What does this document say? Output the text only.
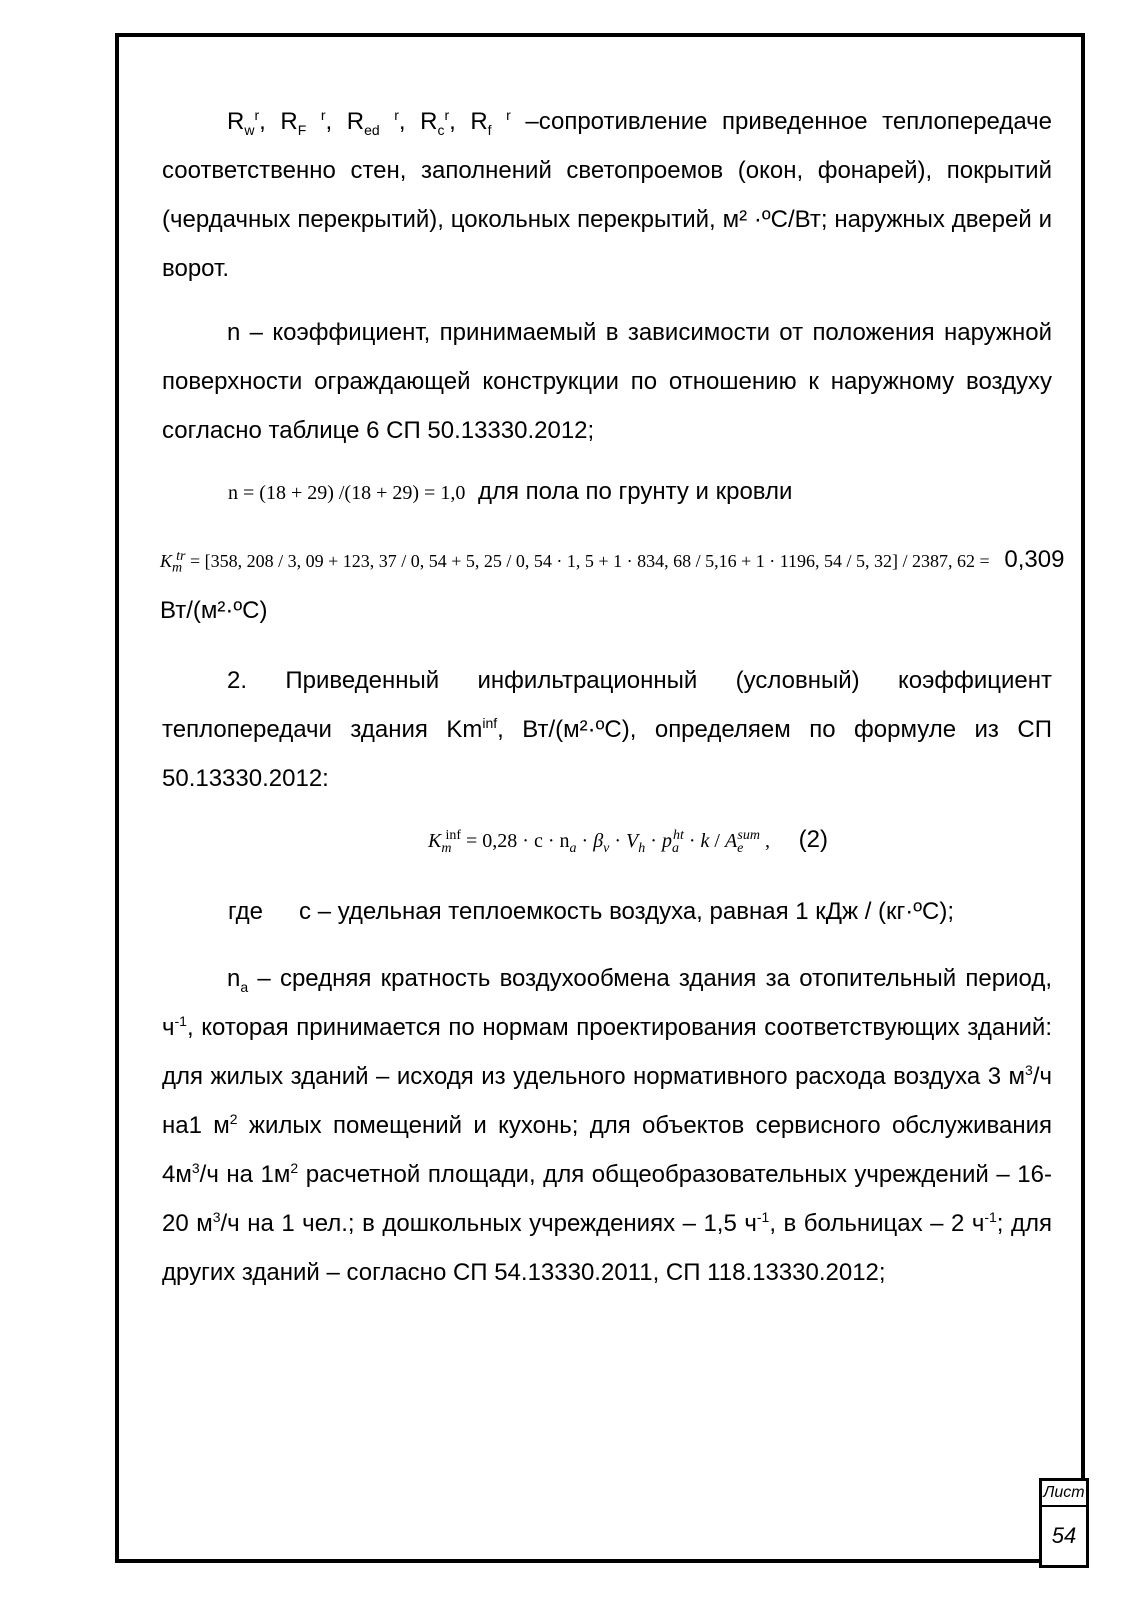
$R_w^r$, $R_F$ $^r$, $R_{ed}$ $^r$, $R_c^r$, $R_f$ $^r$ –сопротивление приведенное теплопередаче соответственно стен, заполнений светопроемов (окон, фонарей), покрытий (чердачных перекрытий), цокольных перекрытий, м² ·ºС/Вт; наружных дверей и ворот.
n – коэффициент, принимаемый в зависимости от положения наружной поверхности ограждающей конструкции по отношению к наружному воздуху согласно таблице 6 СП 50.13330.2012;
n = (18 + 29) /(18 + 29) = 1,0 для пола по грунту и кровли
$K_m^{tr} = [358$, 208 / 3, 09 + 123, 37 / 0, 54 + 5, 25 / 0, 54 · 1, 5 + 1 · 834, 68 / 5,16 + 1 · 1196, 54 / 5, 32] / 2387, 62 = 0,309
Вт/(м²·ºС)
2. Приведенный инфильтрационный (условный) коэффициент теплопередачи здания $Km^{inf}$, Вт/(м²·ºС), определяем по формуле из СП 50.13330.2012:
$K_m^{inf} = 0,28 \cdot c \cdot n_a \cdot \beta_v \cdot V_h \cdot p_a^{ht} \cdot k / A_e^{sum}$ , (2)
где с – удельная теплоемкость воздуха, равная 1 кДж / (кг·ºС);
$n_a$ – средняя кратность воздухообмена здания за отопительный период, $ч^{-1}$, которая принимается по нормам проектирования соответствующих зданий: для жилых зданий – исходя из удельного нормативного расхода воздуха 3 $м^3/ч$ на1 $м^2$ жилых помещений и кухонь; для объектов сервисного обслуживания $4м^3/ч$ на $1м^2$ расчетной площади, для общеобразовательных учреждений – 16-20 $м^3/ч$ на 1 чел.; в дошкольных учреждениях – 1,5 $ч^{-1}$, в больницах – 2 $ч^{-1}$; для других зданий – согласно СП 54.13330.2011, СП 118.13330.2012;
Лист
54
